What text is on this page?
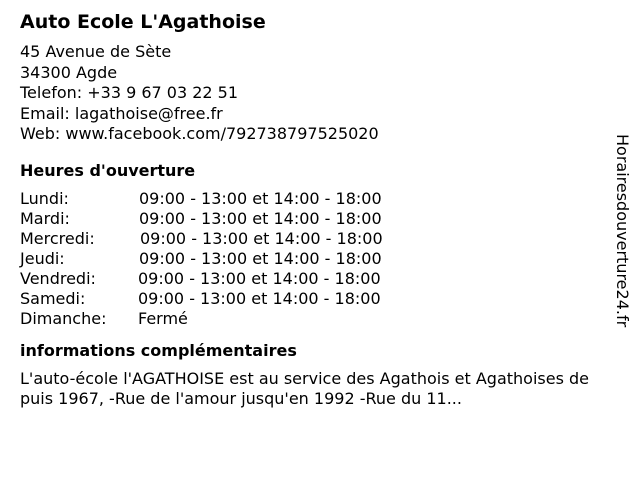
Auto Ecole L'Agathoise
45 Avenue de Sète
34300 Agde
Telefon: +33 9 67 03 22 51
Email: lagathoise@free.fr
Web: www.facebook.com/792738797525020
Heures d'ouverture
Lundi:	09:00 - 13:00 et 14:00 - 18:00
Mardi:	09:00 - 13:00 et 14:00 - 18:00
Mercredi:	09:00 - 13:00 et 14:00 - 18:00
Jeudi:	09:00 - 13:00 et 14:00 - 18:00
Vendredi:	09:00 - 13:00 et 14:00 - 18:00
Samedi:	09:00 - 13:00 et 14:00 - 18:00
Dimanche:	Fermé
informations complémentaires
L'auto-école l'AGATHOISE est au service des Agathois et Agathoises depuis 1967, -Rue de l'amour jusqu'en 1992 -Rue du 11...
Horairesdouverture24.fr
